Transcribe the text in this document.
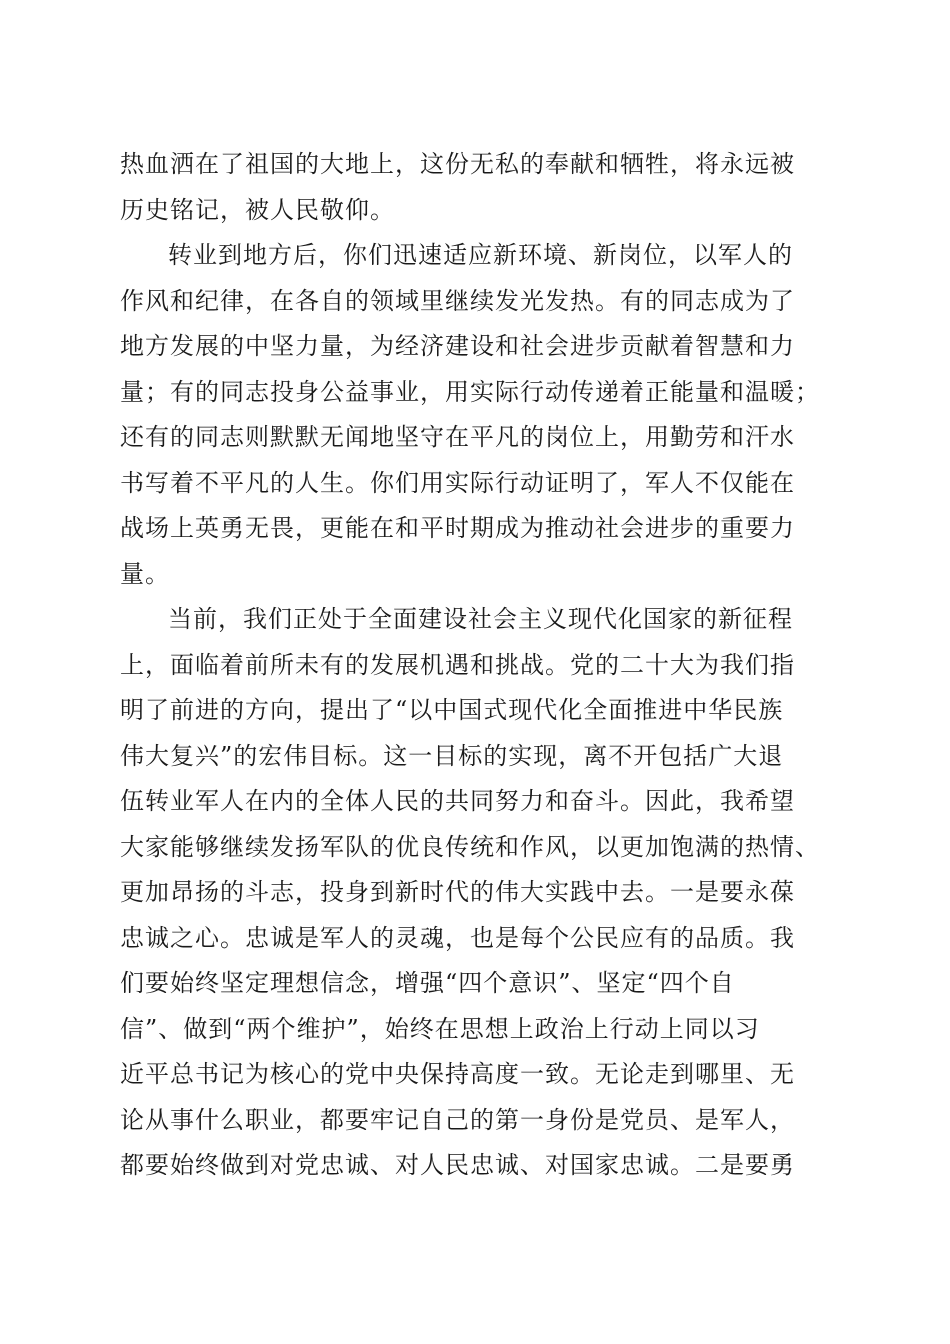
热血洒在了祖国的大地上，这份无私的奉献和牺牲，将永远被
历史铭记，被人民敬仰。
转业到地方后，你们迅速适应新环境、新岗位，以军人的
作风和纪律，在各自的领域里继续发光发热。有的同志成为了
地方发展的中坚力量，为经济建设和社会进步贡献着智慧和力
量；有的同志投身公益事业，用实际行动传递着正能量和温暖；
还有的同志则默默无闻地坚守在平凡的岗位上，用勤劳和汗水
书写着不平凡的人生。你们用实际行动证明了，军人不仅能在
战场上英勇无畏，更能在和平时期成为推动社会进步的重要力
量。
当前，我们正处于全面建设社会主义现代化国家的新征程
上，面临着前所未有的发展机遇和挑战。党的二十大为我们指
明了前进的方向，提出了“以中国式现代化全面推进中华民族
伟大复兴”的宏伟目标。这一目标的实现，离不开包括广大退
伍转业军人在内的全体人民的共同努力和奋斗。因此，我希望
大家能够继续发扬军队的优良传统和作风，以更加饱满的热情、
更加昂扬的斗志，投身到新时代的伟大实践中去。一是要永葆
忠诚之心。忠诚是军人的灵魂，也是每个公民应有的品质。我
们要始终坚定理想信念，增强“四个意识”、坚定“四个自
信”、做到“两个维护”，始终在思想上政治上行动上同以习
近平总书记为核心的党中央保持高度一致。无论走到哪里、无
论从事什么职业，都要牢记自己的第一身份是党员、是军人，
都要始终做到对党忠诚、对人民忠诚、对国家忠诚。二是要勇
